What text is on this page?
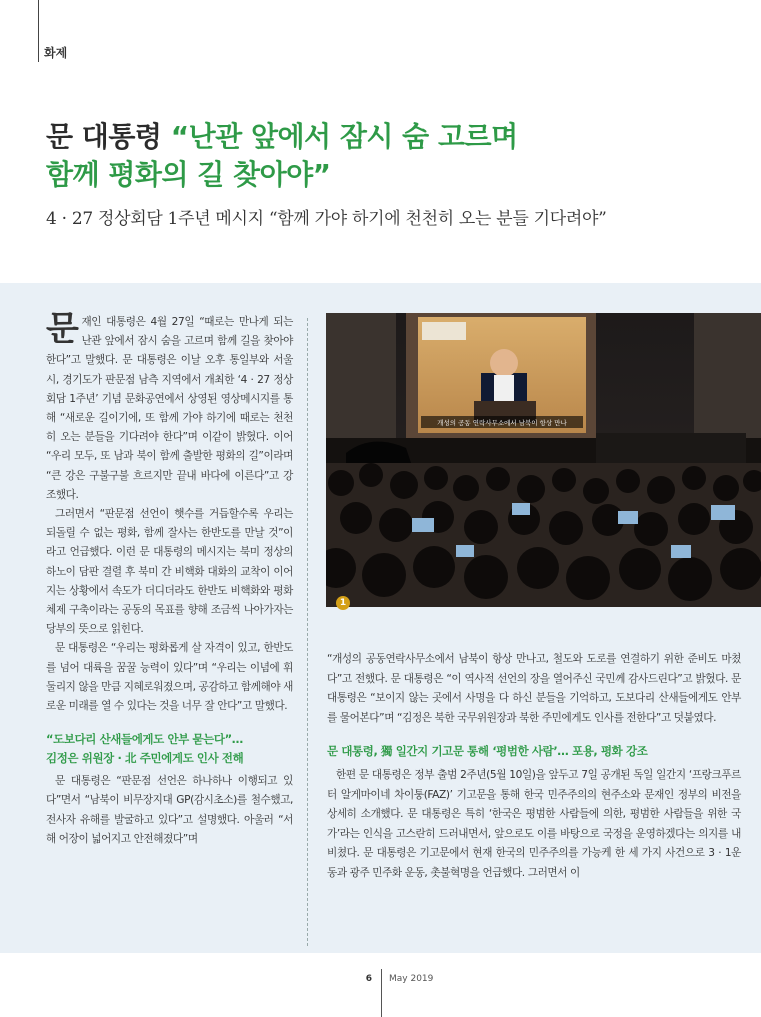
화제
문 대통령 “난관 앞에서 잠시 숨 고르며
함께 평화의 길 찾아야”
4 · 27 정상회담 1주년 메시지 “함께 가야 하기에 천천히 오는 분들 기다려야”

문재인 대통령은 4월 27일 “때로는 만나게 되는 난관 앞에서 잠시 숨을 고르며 함께 길을 찾아야 한다”고 말했다. 문 대통령은 이날 오후 통일부와 서울시, 경기도가 판문점 남측 지역에서 개최한 ‘4 · 27 정상회담 1주년’ 기념 문화공연에서 상영된 영상메시지를 통해 “새로운 길이기에, 또 함께 가야 하기에 때로는 천천히 오는 분들을 기다려야 한다”며 이같이 밝혔다. 이어 “우리 모두, 또 남과 북이 함께 출발한 평화의 길”이라며 “큰 강은 구불구불 흐르지만 끝내 바다에 이른다”고 강조했다.

그러면서 “판문점 선언이 햇수를 거듭할수록 우리는 되돌릴 수 없는 평화, 함께 잘사는 한반도를 만날 것”이라고 언급했다. 이런 문 대통령의 메시지는 북미 정상의 하노이 담판 결렬 후 북미 간 비핵화 대화의 교착이 이어지는 상황에서 속도가 더디더라도 한반도 비핵화와 평화체제 구축이라는 공동의 목표를 향해 조금씩 나아가자는 당부의 뜻으로 읽힌다.

문 대통령은 “우리는 평화롭게 살 자격이 있고, 한반도를 넘어 대륙을 꿈꿀 능력이 있다”며 “우리는 이념에 휘둘리지 않을 만큼 지혜로워졌으며, 공감하고 함께해야 새로운 미래를 열 수 있다는 것을 너무 잘 안다”고 말했다.

“도보다리 산새들에게도 안부 묻는다”…
김정은 위원장 · 北 주민에게도 인사 전해

문 대통령은 “판문점 선언은 하나하나 이행되고 있다”면서 “남북이 비무장지대 GP(감시초소)를 철수했고, 전사자 유해를 발굴하고 있다”고 설명했다. 아울러 “서해 어장이 넓어지고 안전해졌다”며

개성의 공동 연락사무소에서 남북이 항상 만나
1

“개성의 공동연락사무소에서 남북이 항상 만나고, 철도와 도로를 연결하기 위한 준비도 마쳤다”고 전했다. 문 대통령은 “이 역사적 선언의 장을 열어주신 국민께 감사드린다”고 밝혔다. 문 대통령은 “보이지 않는 곳에서 사명을 다 하신 분들을 기억하고, 도보다리 산새들에게도 안부를 물어본다”며 “김정은 북한 국무위원장과 북한 주민에게도 인사를 전한다”고 덧붙였다.

문 대통령, 獨 일간지 기고문 통해 ‘평범한 사람’… 포용, 평화 강조

한편 문 대통령은 정부 출범 2주년(5월 10일)을 앞두고 7일 공개된 독일 일간지 ‘프랑크푸르터 알게마이네 차이퉁(FAZ)’ 기고문을 통해 한국 민주주의의 현주소와 문재인 정부의 비전을 상세히 소개했다. 문 대통령은 특히 ‘한국은 평범한 사람들에 의한, 평범한 사람들을 위한 국가’라는 인식을 고스란히 드러내면서, 앞으로도 이를 바탕으로 국정을 운영하겠다는 의지를 내비쳤다. 문 대통령은 기고문에서 현재 한국의 민주주의를 가능케 한 세 가지 사건으로 3 · 1운동과 광주 민주화 운동, 촛불혁명을 언급했다. 그러면서 이

6 May 2019
